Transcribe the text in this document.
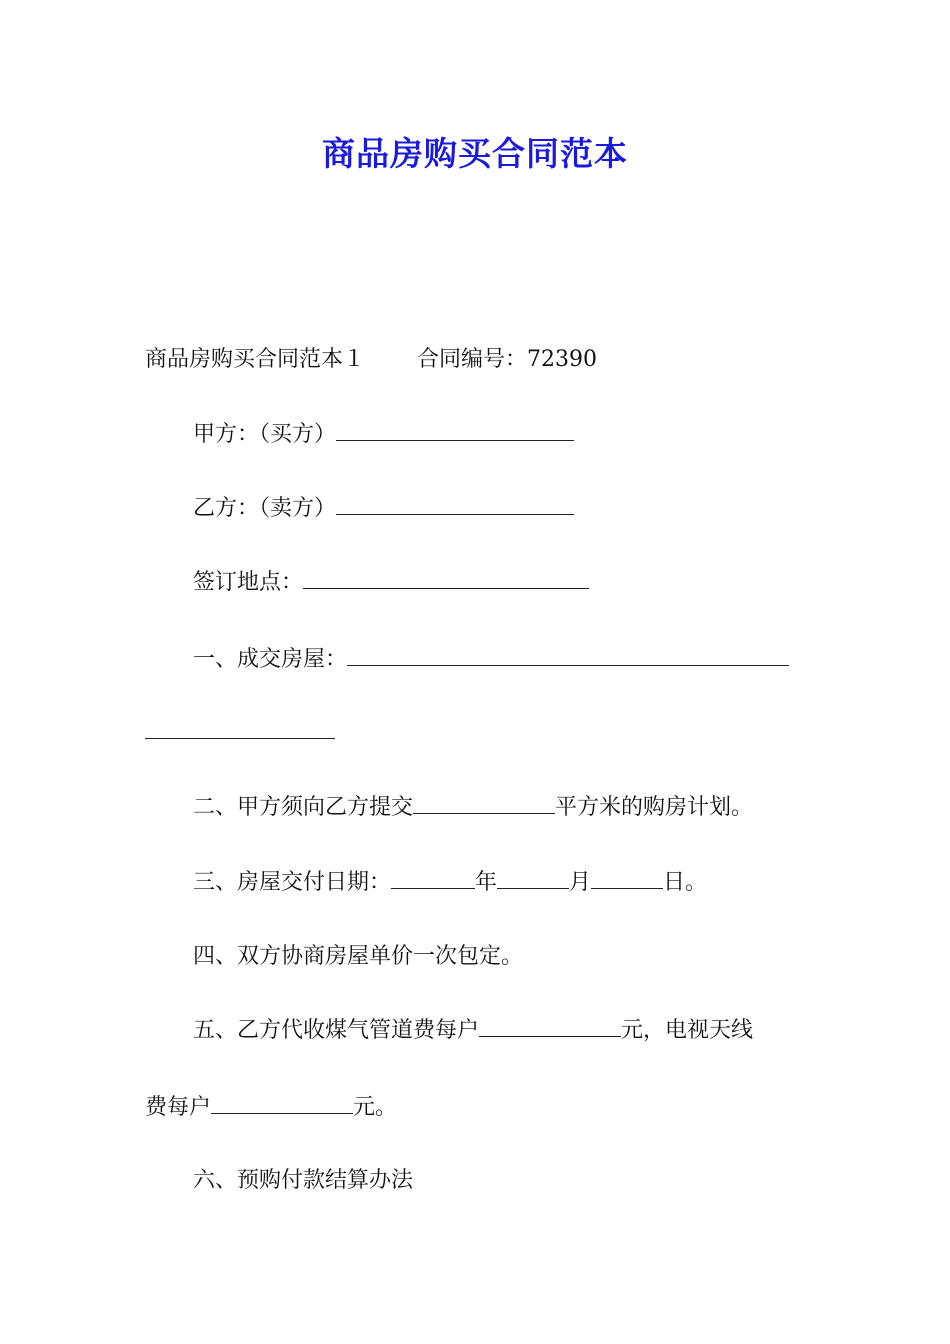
商品房购买合同范本
商品房购买合同范本１ 合同编号：72390
甲方：（买方）
乙方：（卖方）
签订地点：
一、成交房屋：
二、甲方须向乙方提交	平方米的购房计划。
三、房屋交付日期：	年	月	日。
四、双方协商房屋单价一次包定。
五、乙方代收煤气管道费每户	元，电视天线
费每户	元。
六、预购付款结算办法
